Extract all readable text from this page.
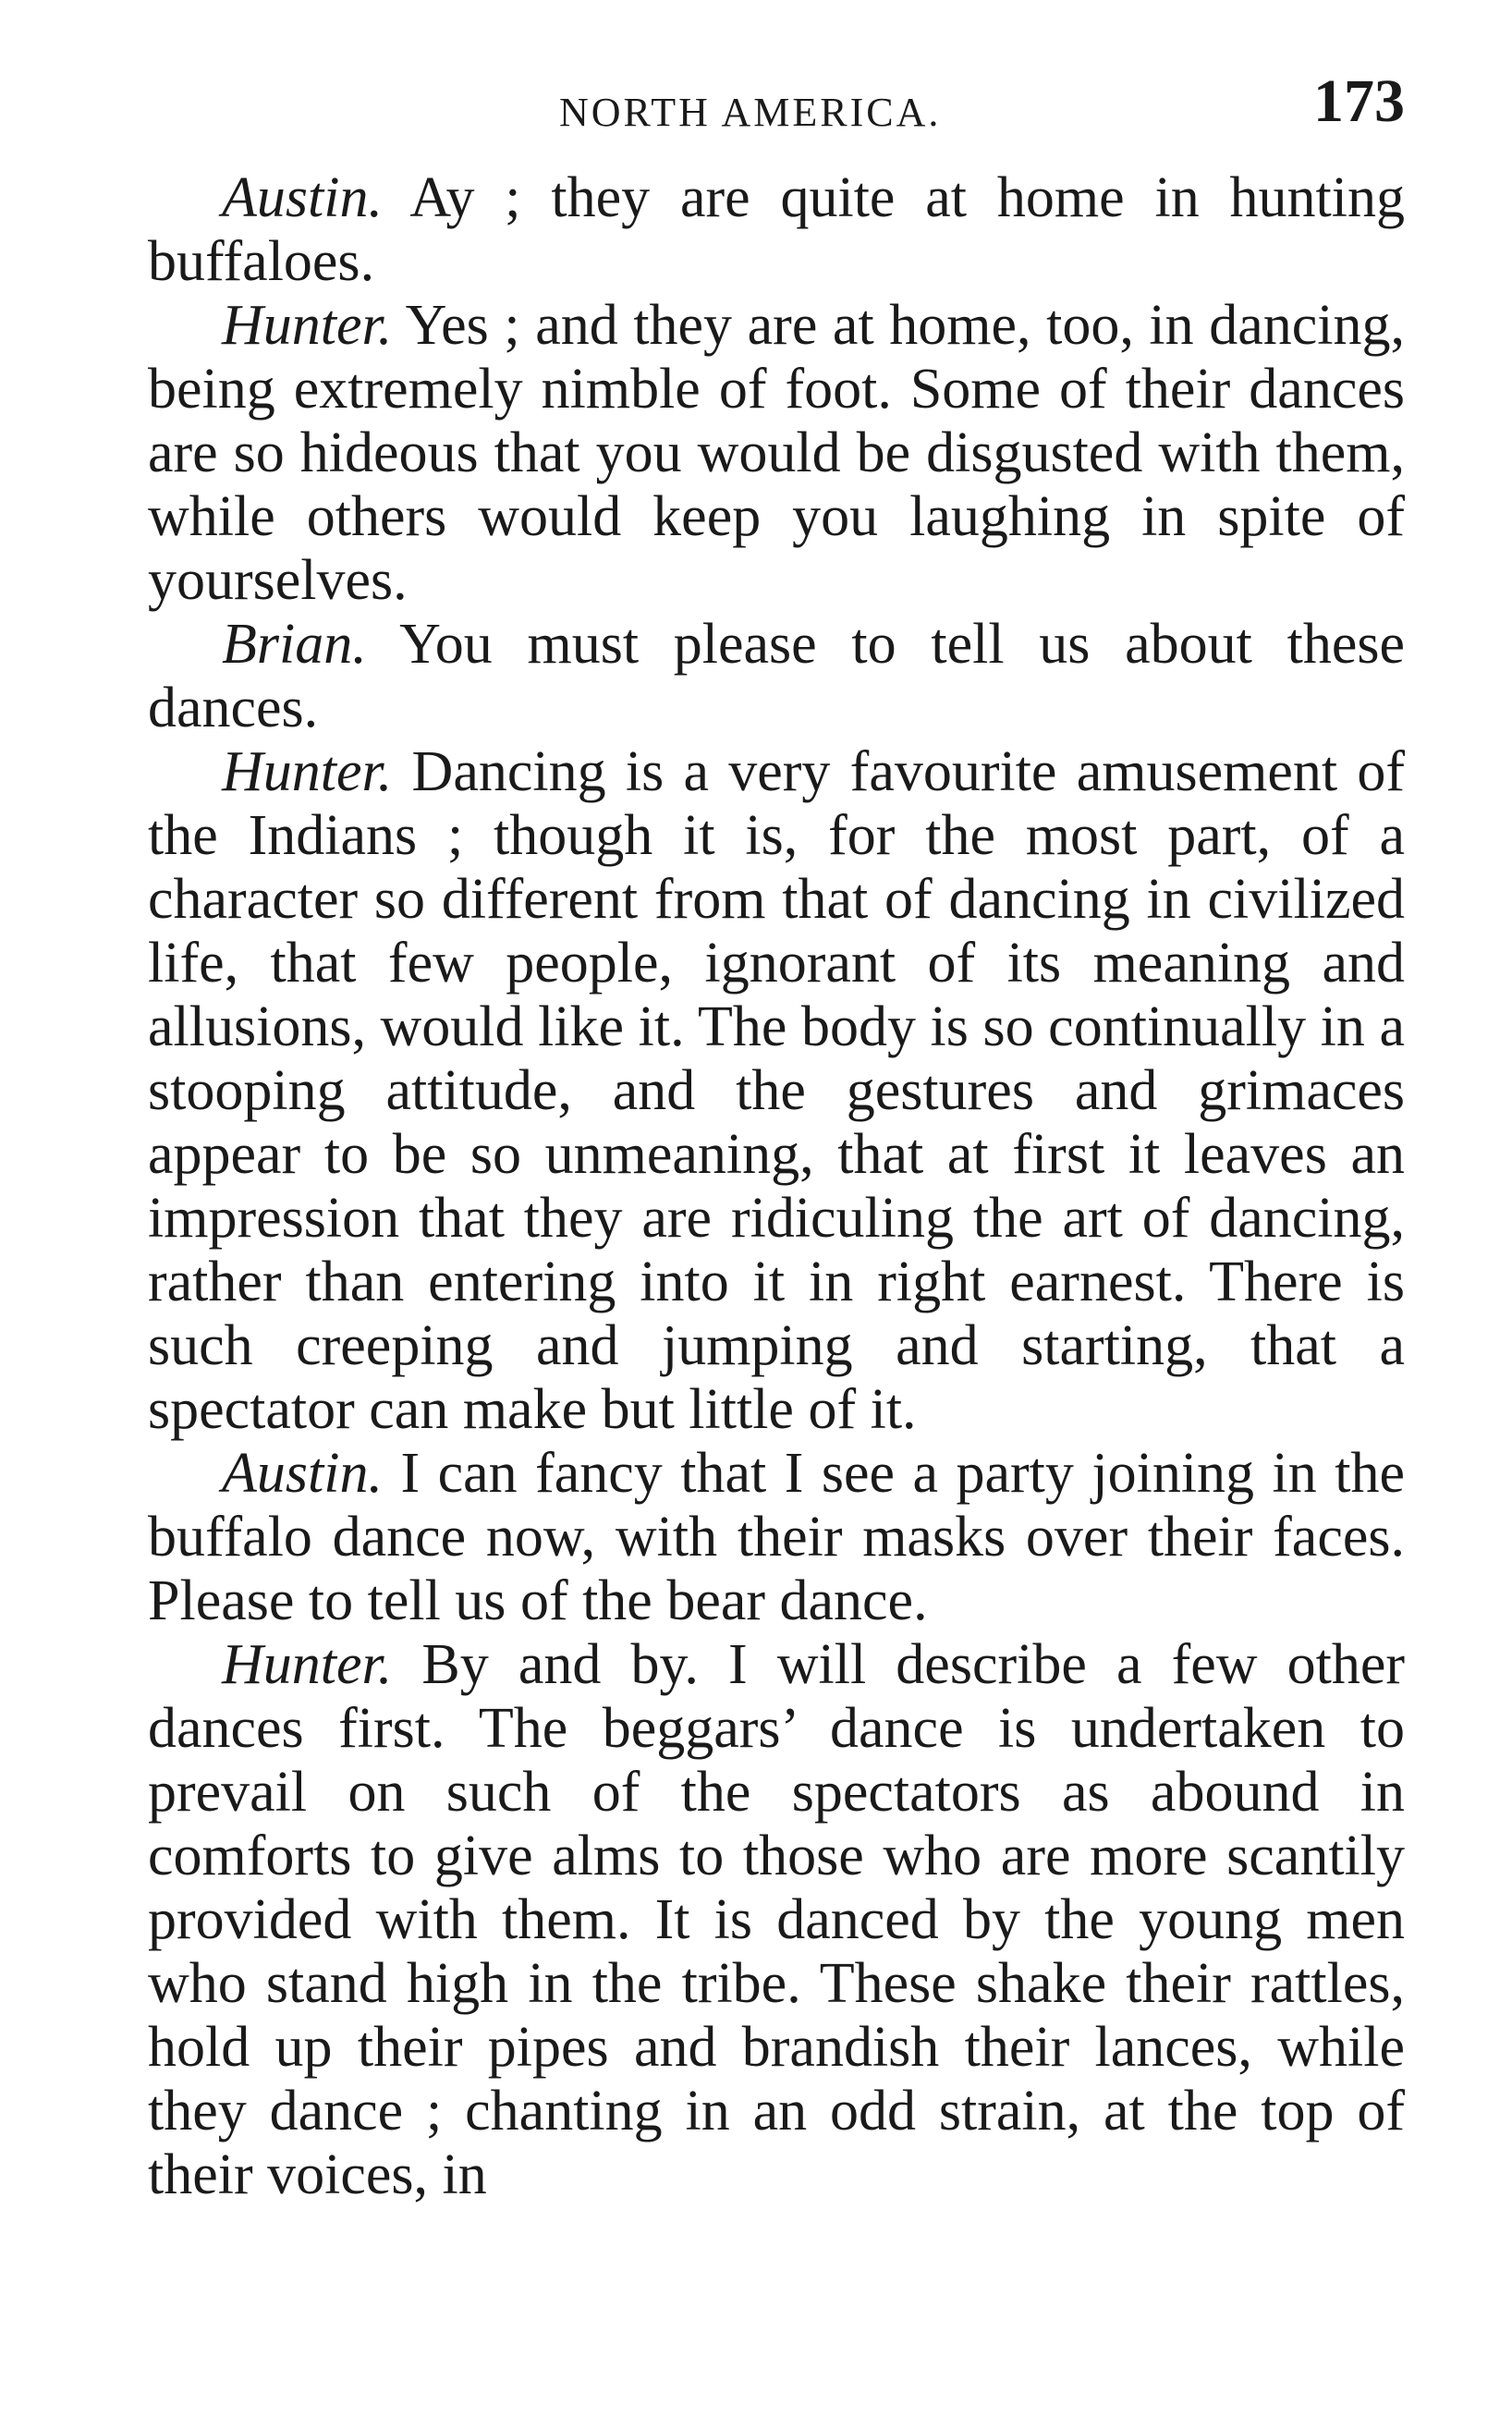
NORTH AMERICA.	173

Austin. Ay ; they are quite at home in hunting buffaloes.

Hunter. Yes ; and they are at home, too, in dancing, being extremely nimble of foot. Some of their dances are so hideous that you would be disgusted with them, while others would keep you laughing in spite of yourselves.

Brian. You must please to tell us about these dances.

Hunter. Dancing is a very favourite amusement of the Indians ; though it is, for the most part, of a character so different from that of dancing in civilized life, that few people, ignorant of its meaning and allusions, would like it. The body is so continually in a stooping attitude, and the gestures and grimaces appear to be so unmeaning, that at first it leaves an impression that they are ridiculing the art of dancing, rather than entering into it in right earnest. There is such creeping and jumping and starting, that a spectator can make but little of it.

Austin. I can fancy that I see a party joining in the buffalo dance now, with their masks over their faces. Please to tell us of the bear dance.

Hunter. By and by. I will describe a few other dances first. The beggars’ dance is undertaken to prevail on such of the spectators as abound in comforts to give alms to those who are more scantily provided with them. It is danced by the young men who stand high in the tribe. These shake their rattles, hold up their pipes and brandish their lances, while they dance ; chanting in an odd strain, at the top of their voices, in
